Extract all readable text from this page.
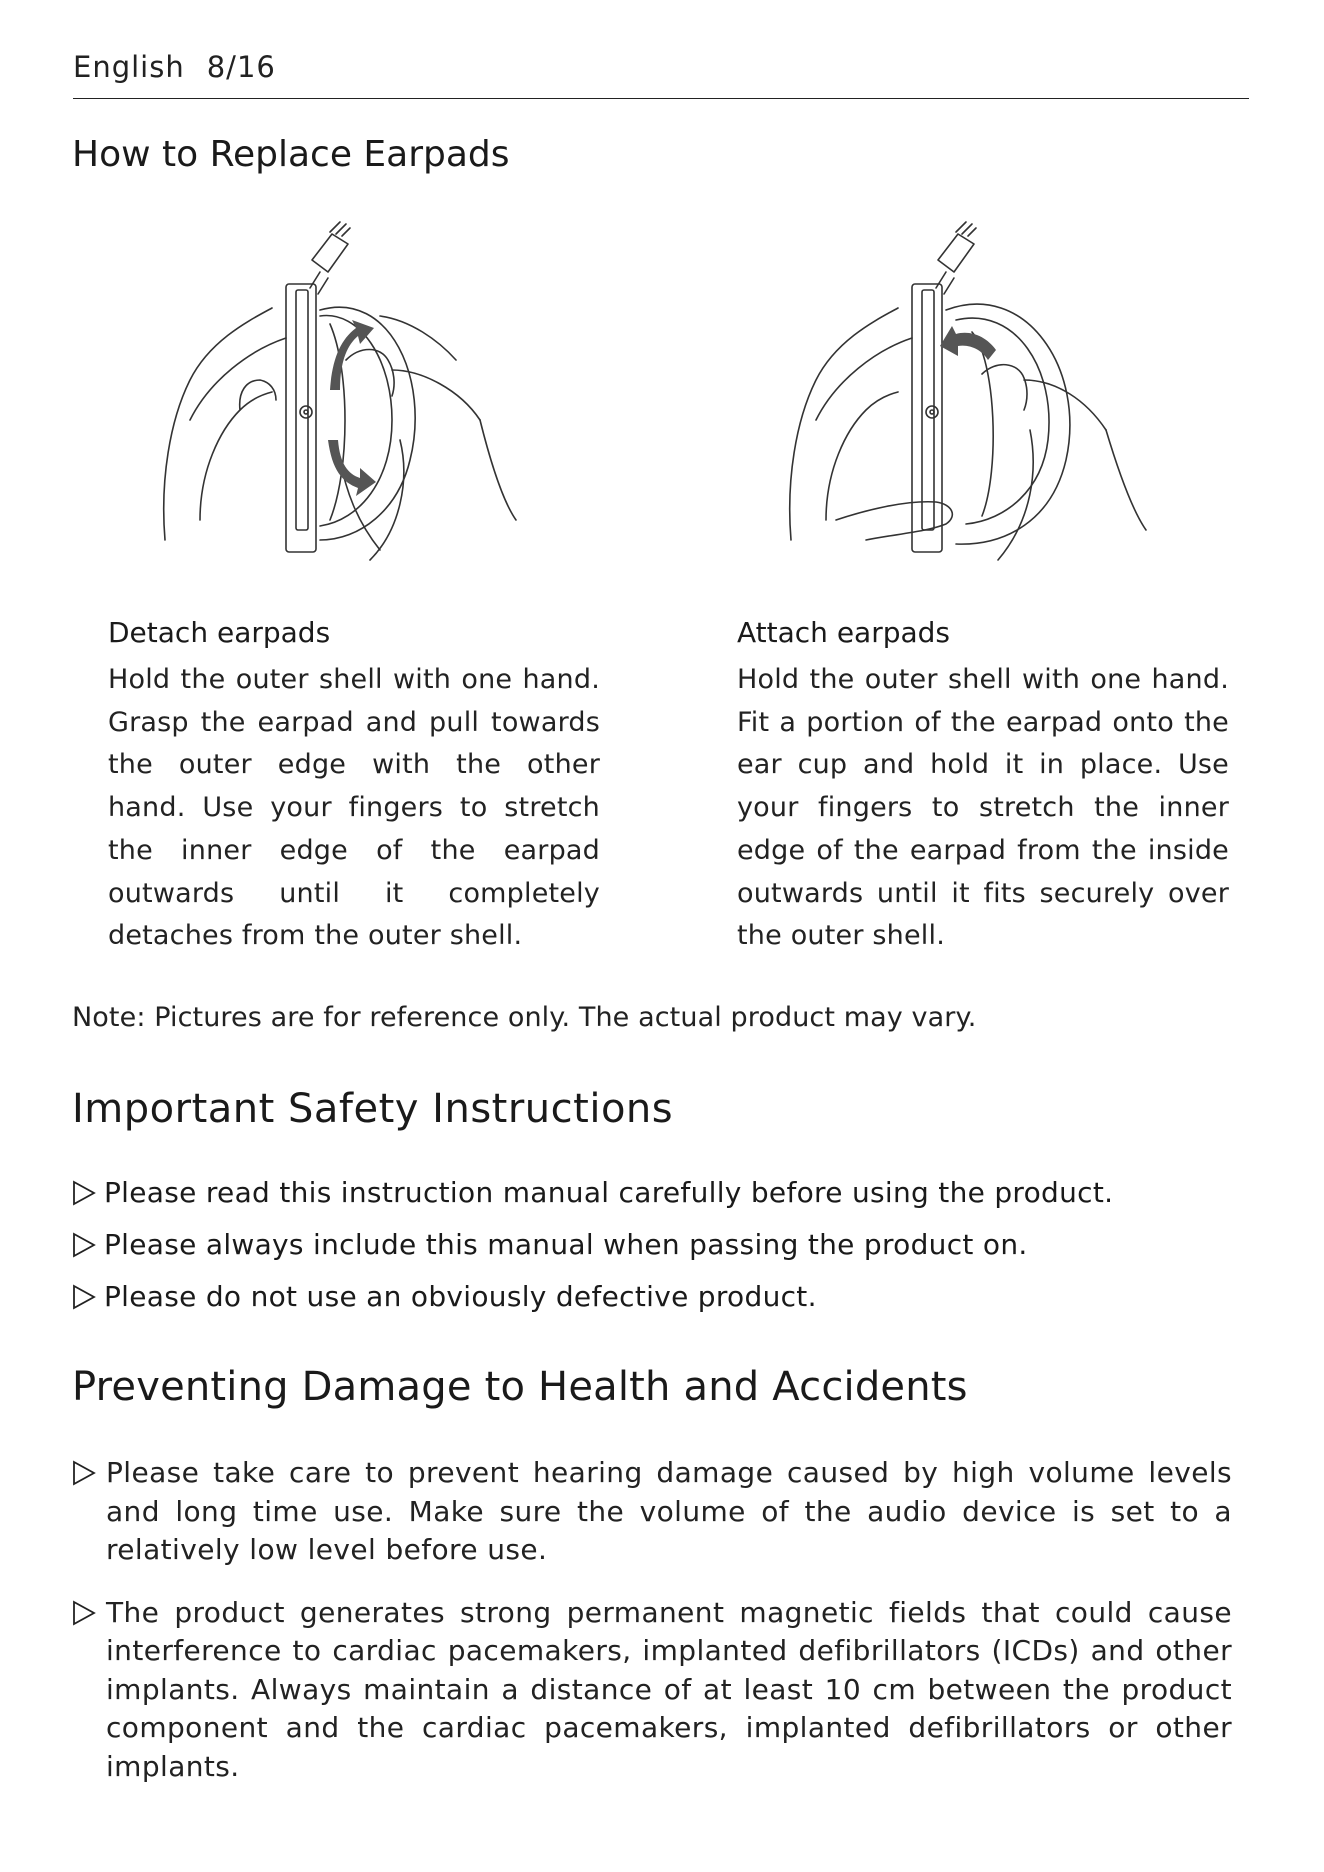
English 8/16
How to Replace Earpads
Detach earpads

Hold the outer shell with one hand. Grasp the earpad and pull towards the outer edge with the other hand. Use your fingers to stretch the inner edge of the earpad outwards until it completely detaches from the outer shell.

Attach earpads

Hold the outer shell with one hand. Fit a portion of the earpad onto the ear cup and hold it in place. Use your fingers to stretch the inner edge of the earpad from the inside outwards until it fits securely over the outer shell.

Note: Pictures are for reference only. The actual product may vary.
Important Safety Instructions
Please read this instruction manual carefully before using the product.
Please always include this manual when passing the product on.
Please do not use an obviously defective product.
Preventing Damage to Health and Accidents
Please take care to prevent hearing damage caused by high volume levels and long time use. Make sure the volume of the audio device is set to a relatively low level before use.
The product generates strong permanent magnetic fields that could cause interference to cardiac pacemakers, implanted defibrillators (ICDs) and other implants. Always maintain a distance of at least 10 cm between the product component and the cardiac pacemakers, implanted defibrillators or other implants.
